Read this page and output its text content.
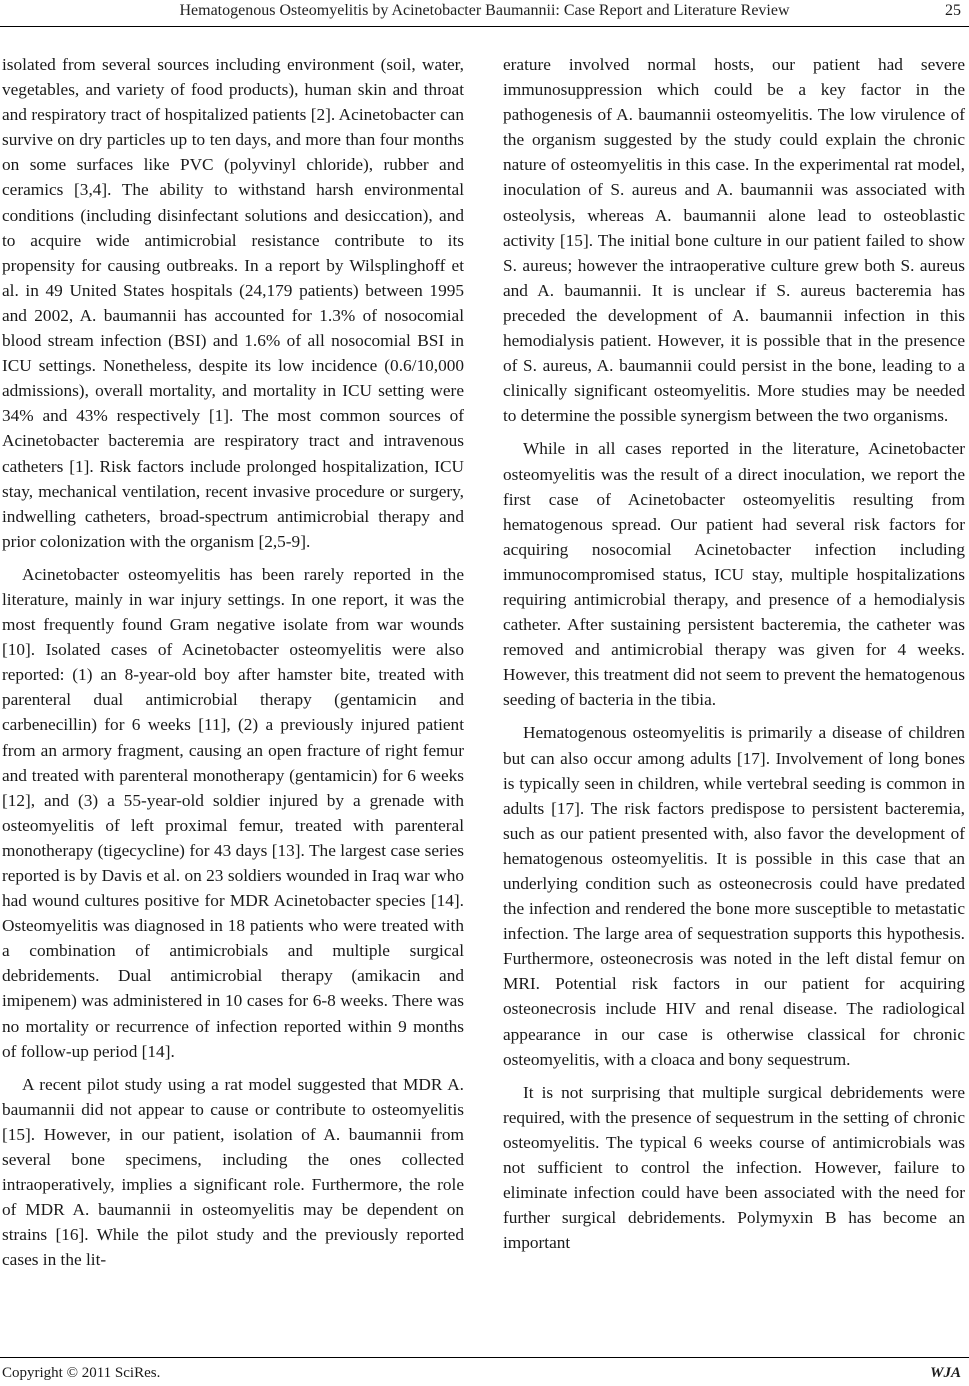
Hematogenous Osteomyelitis by Acinetobacter Baumannii: Case Report and Literature Review	25

isolated from several sources including environment (soil, water, vegetables, and variety of food products), human skin and throat and respiratory tract of hospitalized patients [2]. Acinetobacter can survive on dry particles up to ten days, and more than four months on some surfaces like PVC (polyvinyl chloride), rubber and ceramics [3,4]. The ability to withstand harsh environmental conditions (including disinfectant solutions and desiccation), and to acquire wide antimicrobial resistance contribute to its propensity for causing outbreaks. In a report by Wilsplinghoff et al. in 49 United States hospitals (24,179 patients) between 1995 and 2002, A. baumannii has accounted for 1.3% of nosocomial blood stream infection (BSI) and 1.6% of all nosocomial BSI in ICU settings. Nonetheless, despite its low incidence (0.6/10,000 admissions), overall mortality, and mortality in ICU setting were 34% and 43% respectively [1]. The most common sources of Acinetobacter bacteremia are respiratory tract and intravenous catheters [1]. Risk factors include prolonged hospitalization, ICU stay, mechanical ventilation, recent invasive procedure or surgery, indwelling catheters, broad-spectrum antimicrobial therapy and prior colonization with the organism [2,5-9].

Acinetobacter osteomyelitis has been rarely reported in the literature, mainly in war injury settings. In one report, it was the most frequently found Gram negative isolate from war wounds [10]. Isolated cases of Acinetobacter osteomyelitis were also reported: (1) an 8-year-old boy after hamster bite, treated with parenteral dual antimicrobial therapy (gentamicin and carbenecillin) for 6 weeks [11], (2) a previously injured patient from an armory fragment, causing an open fracture of right femur and treated with parenteral monotherapy (gentamicin) for 6 weeks [12], and (3) a 55-year-old soldier injured by a grenade with osteomyelitis of left proximal femur, treated with parenteral monotherapy (tigecycline) for 43 days [13]. The largest case series reported is by Davis et al. on 23 soldiers wounded in Iraq war who had wound cultures positive for MDR Acinetobacter species [14]. Osteomyelitis was diagnosed in 18 patients who were treated with a combination of antimicrobials and multiple surgical debridements. Dual antimicrobial therapy (amikacin and imipenem) was administered in 10 cases for 6-8 weeks. There was no mortality or recurrence of infection reported within 9 months of follow-up period [14].

A recent pilot study using a rat model suggested that MDR A. baumannii did not appear to cause or contribute to osteomyelitis [15]. However, in our patient, isolation of A. baumannii from several bone specimens, including the ones collected intraoperatively, implies a significant role. Furthermore, the role of MDR A. baumannii in osteomyelitis may be dependent on strains [16]. While the pilot study and the previously reported cases in the lit-

erature involved normal hosts, our patient had severe immunosuppression which could be a key factor in the pathogenesis of A. baumannii osteomyelitis. The low virulence of the organism suggested by the study could explain the chronic nature of osteomyelitis in this case. In the experimental rat model, inoculation of S. aureus and A. baumannii was associated with osteolysis, whereas A. baumannii alone lead to osteoblastic activity [15]. The initial bone culture in our patient failed to show S. aureus; however the intraoperative culture grew both S. aureus and A. baumannii. It is unclear if S. aureus bacteremia has preceded the development of A. baumannii infection in this hemodialysis patient. However, it is possible that in the presence of S. aureus, A. baumannii could persist in the bone, leading to a clinically significant osteomyelitis. More studies may be needed to determine the possible synergism between the two organisms.

While in all cases reported in the literature, Acinetobacter osteomyelitis was the result of a direct inoculation, we report the first case of Acinetobacter osteomyelitis resulting from hematogenous spread. Our patient had several risk factors for acquiring nosocomial Acinetobacter infection including immunocompromised status, ICU stay, multiple hospitalizations requiring antimicrobial therapy, and presence of a hemodialysis catheter. After sustaining persistent bacteremia, the catheter was removed and antimicrobial therapy was given for 4 weeks. However, this treatment did not seem to prevent the hematogenous seeding of bacteria in the tibia.

Hematogenous osteomyelitis is primarily a disease of children but can also occur among adults [17]. Involvement of long bones is typically seen in children, while vertebral seeding is common in adults [17]. The risk factors predispose to persistent bacteremia, such as our patient presented with, also favor the development of hematogenous osteomyelitis. It is possible in this case that an underlying condition such as osteonecrosis could have predated the infection and rendered the bone more susceptible to metastatic infection. The large area of sequestration supports this hypothesis. Furthermore, osteonecrosis was noted in the left distal femur on MRI. Potential risk factors in our patient for acquiring osteonecrosis include HIV and renal disease. The radiological appearance in our case is otherwise classical for chronic osteomyelitis, with a cloaca and bony sequestrum.

It is not surprising that multiple surgical debridements were required, with the presence of sequestrum in the setting of chronic osteomyelitis. The typical 6 weeks course of antimicrobials was not sufficient to control the infection. However, failure to eliminate infection could have been associated with the need for further surgical debridements. Polymyxin B has become an important

Copyright © 2011 SciRes.	WJA
